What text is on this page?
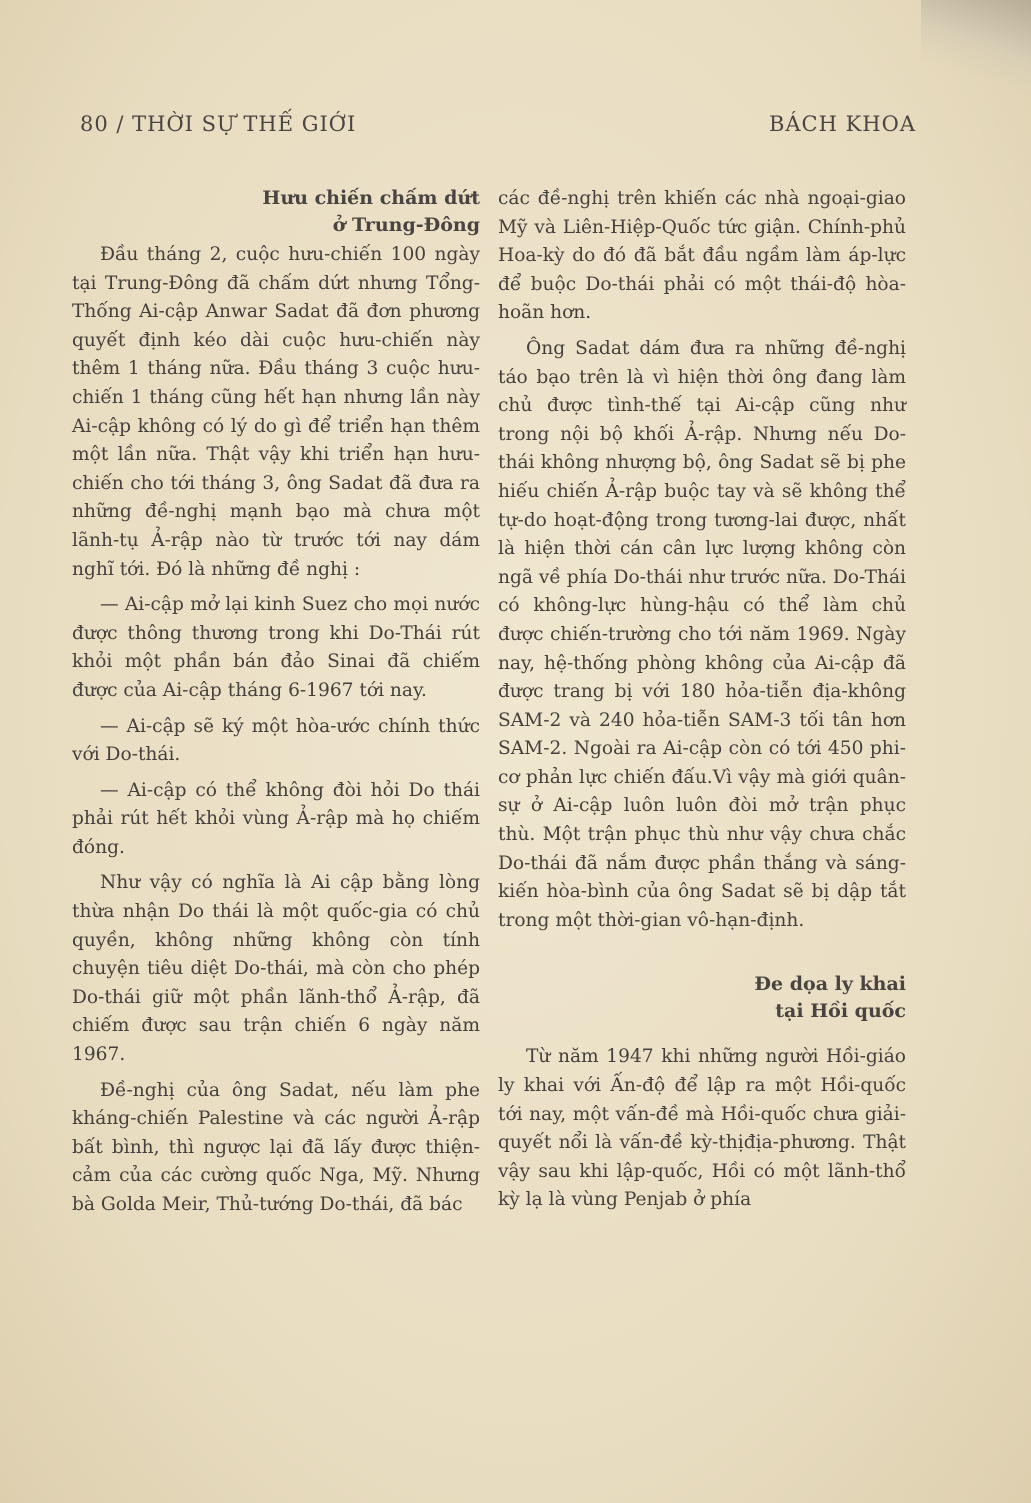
80 / THỜI SỰ THẾ GIỚI	BÁCH KHOA
Hưu chiến chấm dứt
ở Trung-Đông

Đầu tháng 2, cuộc hưu-chiến 100 ngày tại Trung-Đông đã chấm dứt nhưng Tổng-Thống Ai-cập Anwar Sadat đã đơn phương quyết định kéo dài cuộc hưu-chiến này thêm 1 tháng nữa. Đầu tháng 3 cuộc hưu-chiến 1 tháng cũng hết hạn nhưng lần này Ai-cập không có lý do gì để triển hạn thêm một lần nữa. Thật vậy khi triển hạn hưu-chiến cho tới tháng 3, ông Sadat đã đưa ra những đề-nghị mạnh bạo mà chưa một lãnh-tụ Ả-rập nào từ trước tới nay dám nghĩ tới. Đó là những đề nghị :

— Ai-cập mở lại kinh Suez cho mọi nước được thông thương trong khi Do-Thái rút khỏi một phần bán đảo Sinai đã chiếm được của Ai-cập tháng 6-1967 tới nay.

— Ai-cập sẽ ký một hòa-ước chính thức với Do-thái.

— Ai-cập có thể không đòi hỏi Do thái phải rút hết khỏi vùng Ả-rập mà họ chiếm đóng.

Như vậy có nghĩa là Ai cập bằng lòng thừa nhận Do thái là một quốc-gia có chủ quyền, không những không còn tính chuyện tiêu diệt Do-thái, mà còn cho phép Do-thái giữ một phần lãnh-thổ Ả-rập, đã chiếm được sau trận chiến 6 ngày năm 1967.

Đề-nghị của ông Sadat, nếu làm phe kháng-chiến Palestine và các người Ả-rập bất bình, thì ngược lại đã lấy được thiện-cảm của các cường quốc Nga, Mỹ. Nhưng bà Golda Meir, Thủ-tướng Do-thái, đã bác

các đề-nghị trên khiến các nhà ngoại-giao Mỹ và Liên-Hiệp-Quốc tức giận. Chính-phủ Hoa-kỳ do đó đã bắt đầu ngầm làm áp-lực để buộc Do-thái phải có một thái-độ hòa-hoãn hơn.

Ông Sadat dám đưa ra những đề-nghị táo bạo trên là vì hiện thời ông đang làm chủ được tình-thế tại Ai-cập cũng như trong nội bộ khối Ả-rập. Nhưng nếu Do-thái không nhượng bộ, ông Sadat sẽ bị phe hiếu chiến Ả-rập buộc tay và sẽ không thể tự-do hoạt-động trong tương-lai được, nhất là hiện thời cán cân lực lượng không còn ngã về phía Do-thái như trước nữa. Do-Thái có không-lực hùng-hậu có thể làm chủ được chiến-trường cho tới năm 1969. Ngày nay, hệ-thống phòng không của Ai-cập đã được trang bị với 180 hỏa-tiễn địa-không SAM-2 và 240 hỏa-tiễn SAM-3 tối tân hơn SAM-2. Ngoài ra Ai-cập còn có tới 450 phi-cơ phản lực chiến đấu.Vì vậy mà giới quân-sự ở Ai-cập luôn luôn đòi mở trận phục thù. Một trận phục thù như vậy chưa chắc Do-thái đã nắm được phần thắng và sáng-kiến hòa-bình của ông Sadat sẽ bị dập tắt trong một thời-gian vô-hạn-định.

Đe dọa ly khai
tại Hồi quốc

Từ năm 1947 khi những người Hồi-giáo ly khai với Ấn-độ để lập ra một Hồi-quốc tới nay, một vấn-đề mà Hồi-quốc chưa giải-quyết nổi là vấn-đề kỳ-thịđịa-phương. Thật vậy sau khi lập-quốc, Hồi có một lãnh-thổ kỳ lạ là vùng Penjab ở phía
